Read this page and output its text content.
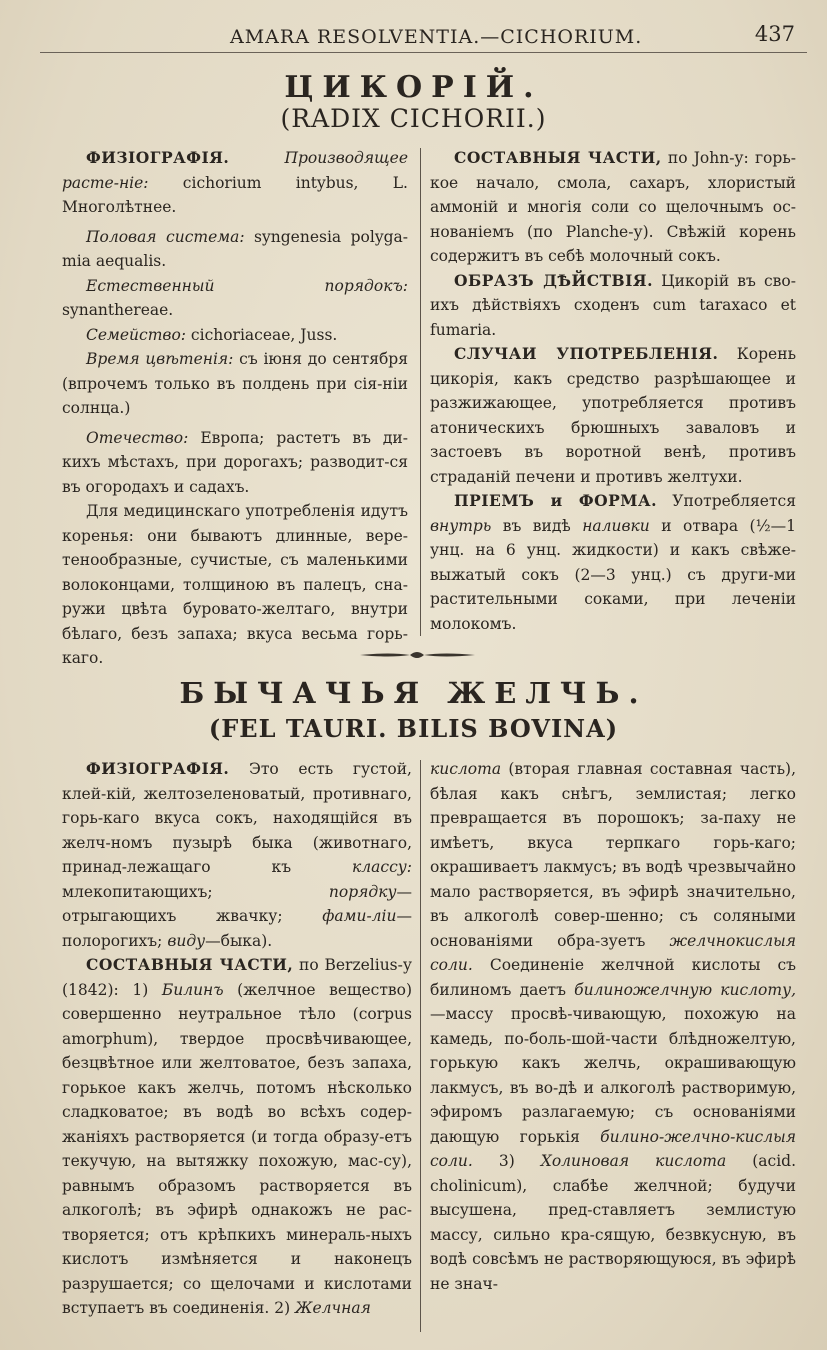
AMARA RESOLVENTIA.—CICHORIUM.	437
ЦИКОРІЙ.
(RADIX CICHORII.)

ФИЗІОГРАФІЯ. Производящее расте-ніе: cichorium intybus, L. Многолѣтнее.

Половая система: syngenesia polyga-mia aequalis.

Естественный порядокъ: synanthereae.

Семейство: cichoriaceae, Juss.

Время цвѣтенія: съ іюня до сентября (впрочемъ только въ полдень при сія-ніи солнца.)

Отечество: Европа; растетъ въ ди-кихъ мѣстахъ, при дорогахъ; разводит-ся въ огородахъ и садахъ.

Для медицинскаго употребленія идутъ коренья: они бываютъ длинные, вере-тенообразные, сучистые, съ маленькими волоконцами, толщиною въ палецъ, сна-ружи цвѣта буровато-желтаго, внутри бѣлаго, безъ запаха; вкуса весьма горь-каго.

СОСТАВНЫЯ ЧАСТИ, по John-у: горь-кое начало, смола, сахаръ, хлористый аммоній и многія соли со щелочнымъ ос-нованіемъ (по Planche-у). Свѣжій корень содержитъ въ себѣ молочный сокъ.

ОБРАЗЪ ДѢЙСТВІЯ. Цикорій въ сво-ихъ дѣйствіяхъ сходенъ cum taraxaco et fumaria.

СЛУЧАИ УПОТРЕБЛЕНІЯ. Корень цикорія, какъ средство разрѣшающее и разжижающее, употребляется противъ атоническихъ брюшныхъ заваловъ и застоевъ въ воротной венѣ, противъ страданій печени и противъ желтухи.

ПРІЕМЪ и ФОРМА. Употребляется внутрь въ видѣ наливки и отвара (½—1 унц. на 6 унц. жидкости) и какъ свѣже-выжатый сокъ (2—3 унц.) съ други-ми растительными соками, при леченіи молокомъ.

БЫЧАЧЬЯ ЖЕЛЧЬ.
(FEL TAURI. BILIS BOVINA)

ФИЗІОГРАФІЯ. Это есть густой, клей-кій, желтозеленоватый, противнаго, горь-каго вкуса сокъ, находящійся въ желч-номъ пузырѣ быка (животнаго, принад-лежащаго къ классу: млекопитающихъ; порядку—отрыгающихъ жвачку; фами-ліи—полорогихъ; виду—быка).

СОСТАВНЫЯ ЧАСТИ, по Berzelius-у (1842): 1) Билинъ (желчное вещество) совершенно неутральное тѣло (corpus amorphum), твердое просвѣчивающее, безцвѣтное или желтоватое, безъ запаха, горькое какъ желчь, потомъ нѣсколько сладковатое; въ водѣ во всѣхъ содер-жаніяхъ растворяется (и тогда образу-етъ текучую, на вытяжку похожую, мас-су), равнымъ образомъ растворяется въ алкоголѣ; въ эфирѣ однакожъ не рас-творяется; отъ крѣпкихъ минераль-ныхъ кислотъ измѣняется и наконецъ разрушается; со щелочами и кислотами вступаетъ въ соединенія. 2) Желчная

кислота (вторая главная составная часть), бѣлая какъ снѣгъ, землистая; легко превращается въ порошокъ; за-паху не имѣетъ, вкуса терпкаго горь-каго; окрашиваетъ лакмусъ; въ водѣ чрезвычайно мало растворяется, въ эфирѣ значительно, въ алкоголѣ совер-шенно; съ соляными основаніями обра-зуетъ желчнокислыя соли. Соединеніе желчной кислоты съ билиномъ даетъ билиножелчную кислоту,—массу просвѣ-чивающую, похожую на камедь, по-боль-шой-части блѣдножелтую, горькую какъ желчь, окрашивающую лакмусъ, въ во-дѣ и алкоголѣ растворимую, эфиромъ разлагаемую; съ основаніями дающую горькія билино-желчно-кислыя соли. 3) Холиновая кислота (acid. cholinicum), слабѣе желчной; будучи высушена, пред-ставляетъ землистую массу, сильно кра-сящую, безвкусную, въ водѣ совсѣмъ не растворяющуюся, въ эфирѣ не знач-
